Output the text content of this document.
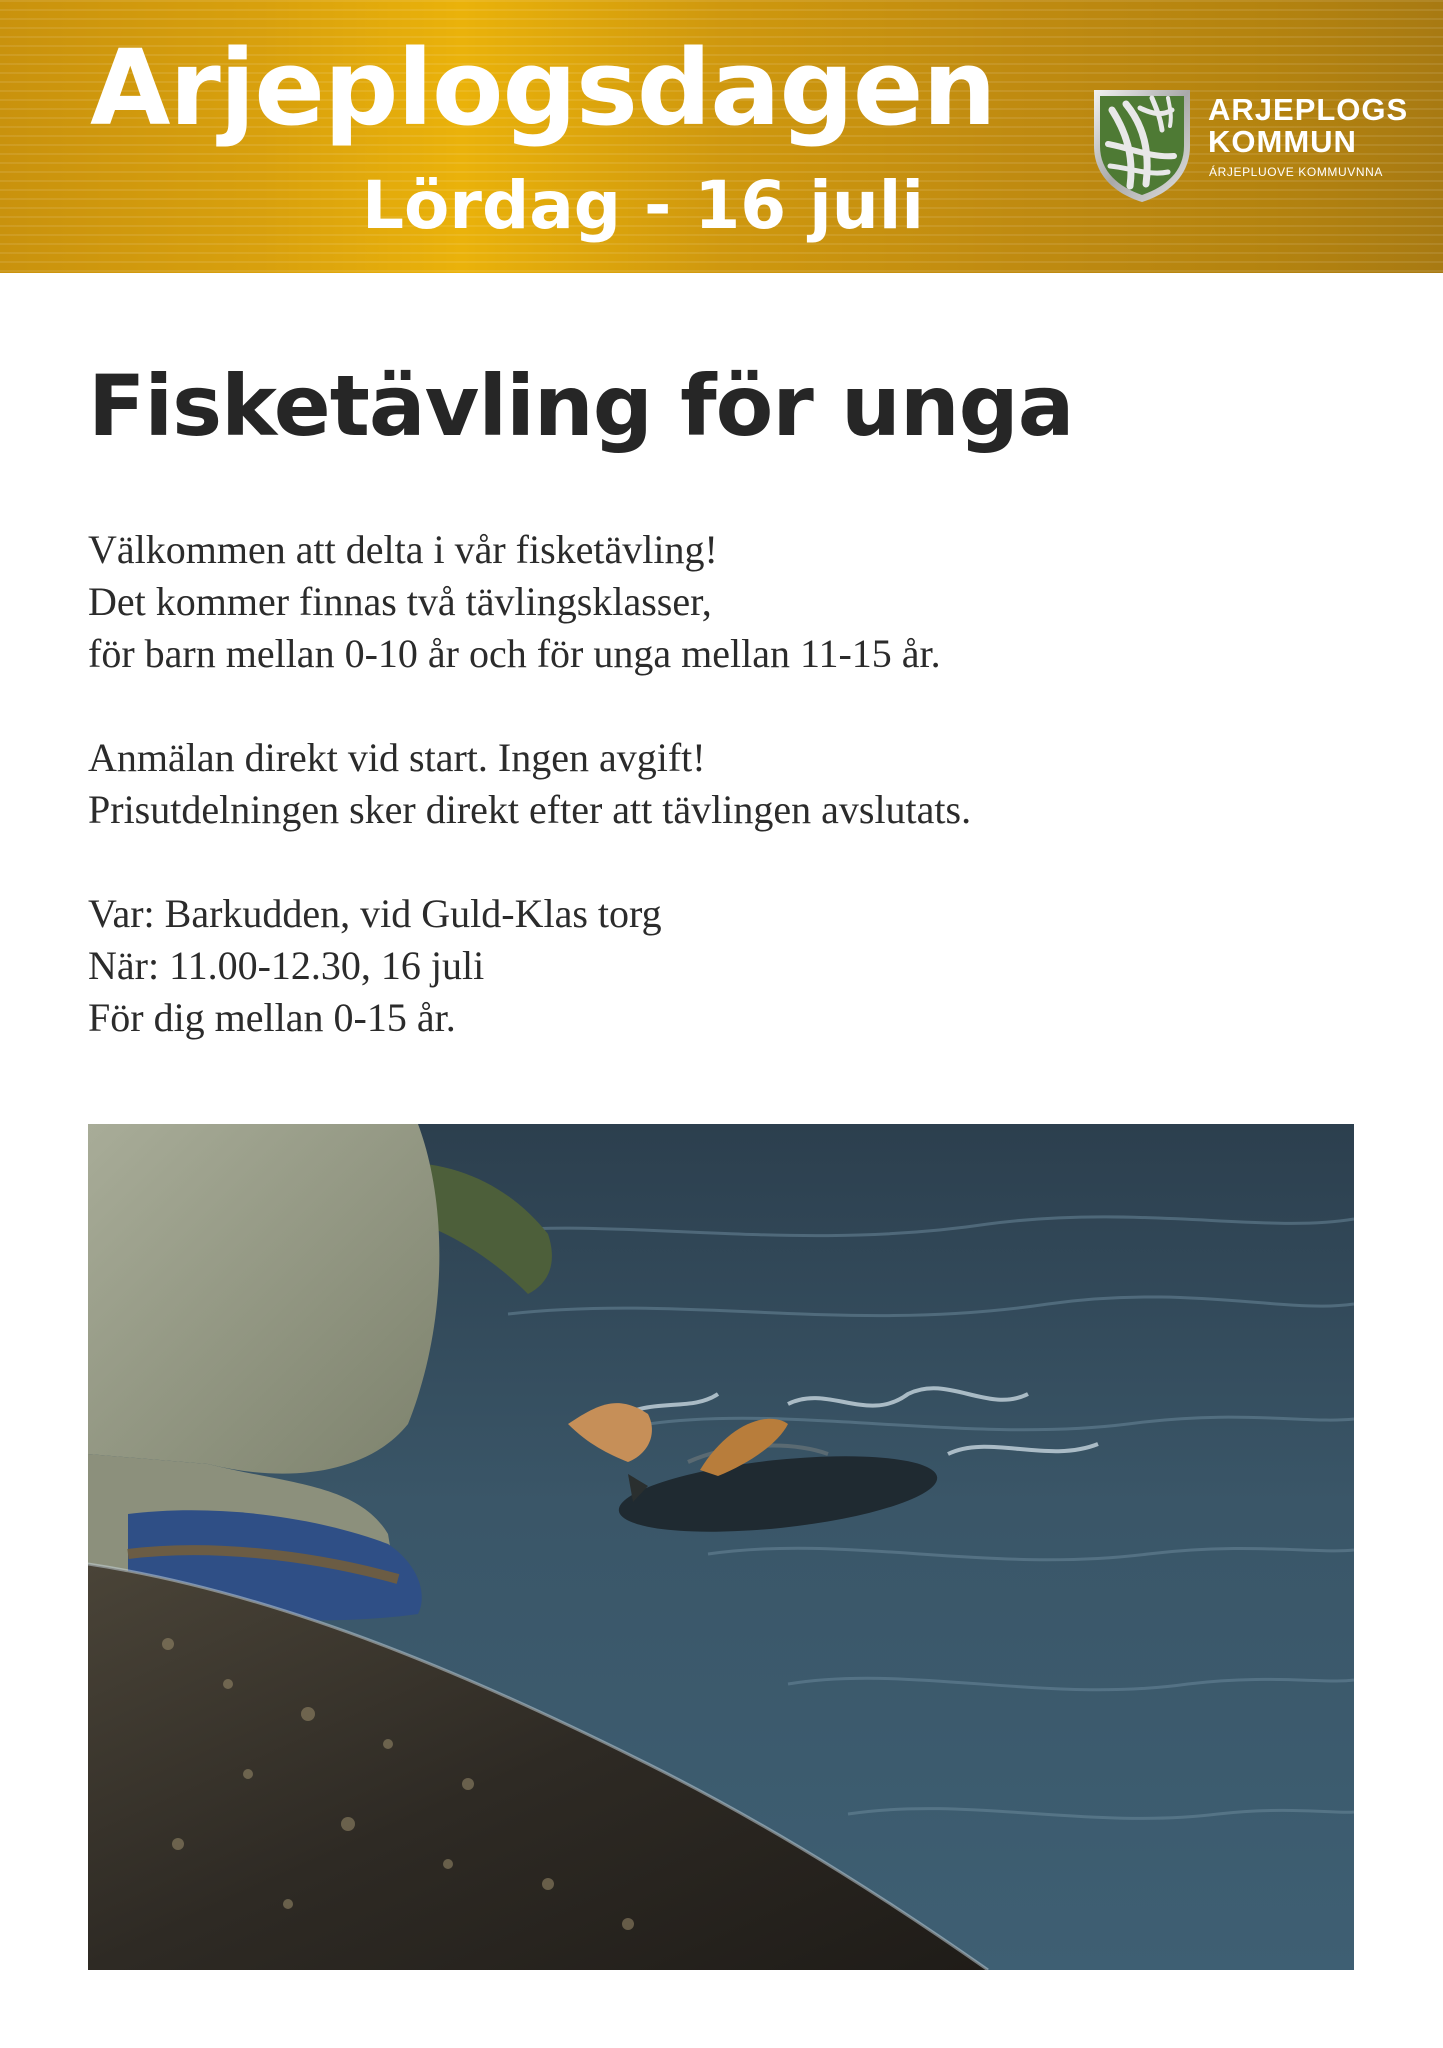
Arjeplogsdagen
Lördag - 16 juli
ARJEPLOGS
KOMMUN
ÁRJEPLUOVE KOMMUVNNA
Fisketävling för unga

Välkommen att delta i vår fisketävling!

Det kommer finnas två tävlingsklasser,

för barn mellan 0-10 år och för unga mellan 11-15 år.

Anmälan direkt vid start. Ingen avgift!

Prisutdelningen sker direkt efter att tävlingen avslutats.

Var: Barkudden, vid Guld-Klas torg

När: 11.00-12.30, 16 juli

För dig mellan 0-15 år.
